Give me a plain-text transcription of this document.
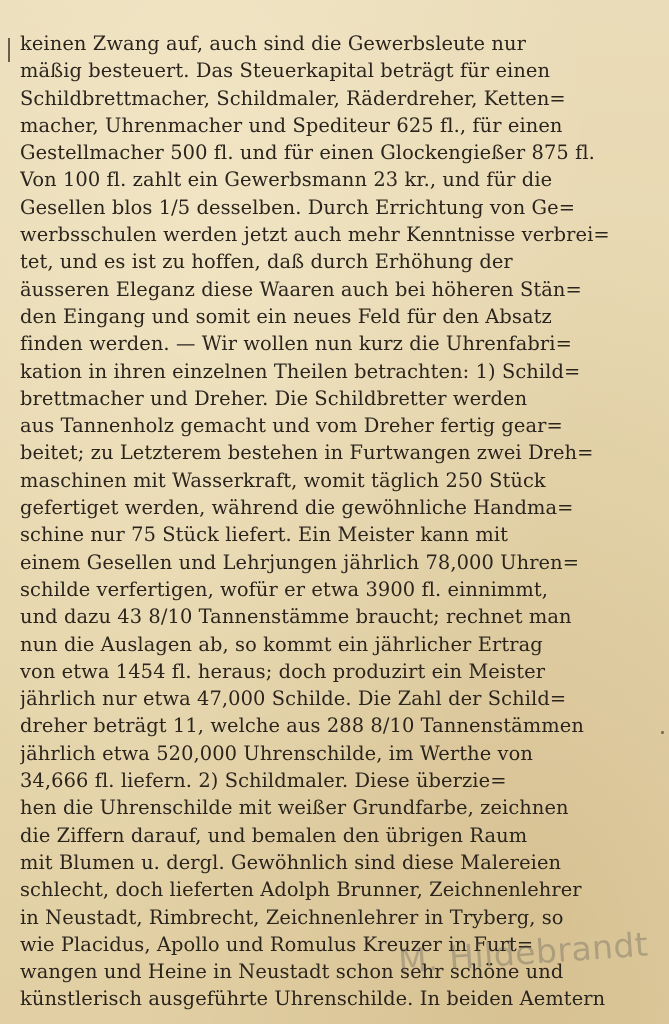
keinen Zwang auf, auch sind die Gewerbsleute nur
mäßig besteuert. Das Steuerkapital beträgt für einen
Schildbrettmacher, Schildmaler, Räderdreher, Ketten=
macher, Uhrenmacher und Spediteur 625 fl., für einen
Gestellmacher 500 fl. und für einen Glockengießer 875 fl.
Von 100 fl. zahlt ein Gewerbsmann 23 kr., und für die
Gesellen blos 1/5 desselben. Durch Errichtung von Ge=
werbsschulen werden jetzt auch mehr Kenntnisse verbrei=
tet, und es ist zu hoffen, daß durch Erhöhung der
äusseren Eleganz diese Waaren auch bei höheren Stän=
den Eingang und somit ein neues Feld für den Absatz
finden werden. — Wir wollen nun kurz die Uhrenfabri=
kation in ihren einzelnen Theilen betrachten: 1) Schild=
brettmacher und Dreher. Die Schildbretter werden
aus Tannenholz gemacht und vom Dreher fertig gear=
beitet; zu Letzterem bestehen in Furtwangen zwei Dreh=
maschinen mit Wasserkraft, womit täglich 250 Stück
gefertiget werden, während die gewöhnliche Handma=
schine nur 75 Stück liefert. Ein Meister kann mit
einem Gesellen und Lehrjungen jährlich 78,000 Uhren=
schilde verfertigen, wofür er etwa 3900 fl. einnimmt,
und dazu 43 8/10 Tannenstämme braucht; rechnet man
nun die Auslagen ab, so kommt ein jährlicher Ertrag
von etwa 1454 fl. heraus; doch produzirt ein Meister
jährlich nur etwa 47,000 Schilde. Die Zahl der Schild=
dreher beträgt 11, welche aus 288 8/10 Tannenstämmen
jährlich etwa 520,000 Uhrenschilde, im Werthe von
34,666 fl. liefern. 2) Schildmaler. Diese überzie=
hen die Uhrenschilde mit weißer Grundfarbe, zeichnen
die Ziffern darauf, und bemalen den übrigen Raum
mit Blumen u. dergl. Gewöhnlich sind diese Malereien
schlecht, doch lieferten Adolph Brunner, Zeichnenlehrer
in Neustadt, Rimbrecht, Zeichnenlehrer in Tryberg, so
wie Placidus, Apollo und Romulus Kreuzer in Furt=
wangen und Heine in Neustadt schon sehr schöne und
künstlerisch ausgeführte Uhrenschilde. In beiden Aemtern
M. Hildebrandt
